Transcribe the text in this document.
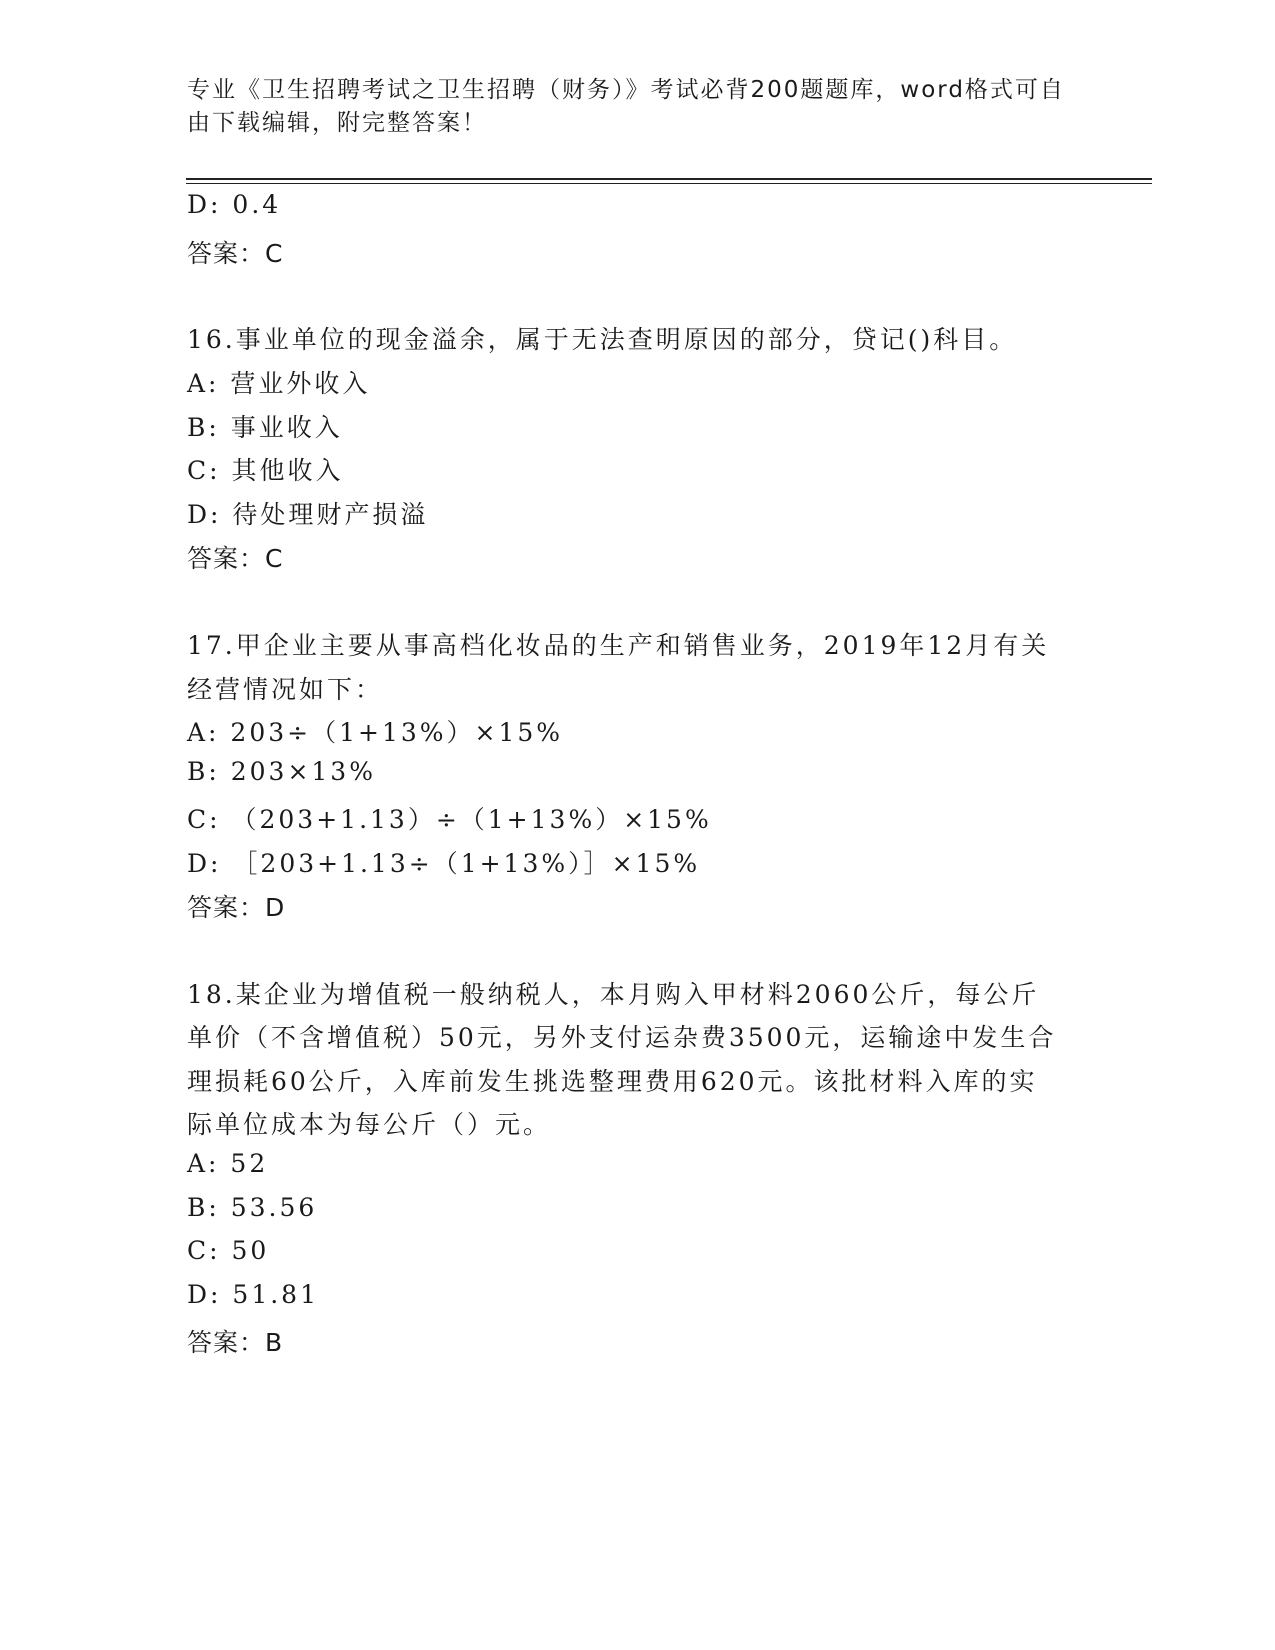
专业《卫生招聘考试之卫生招聘（财务）》考试必背200题题库，word格式可自
由下载编辑，附完整答案！
D: 0.4
答案：C
16.事业单位的现金溢余，属于无法查明原因的部分，贷记()科目。
A: 营业外收入
B: 事业收入
C: 其他收入
D: 待处理财产损溢
答案：C
17.甲企业主要从事高档化妆品的生产和销售业务，2019年12月有关
经营情况如下：
A: 203÷（1+13%）×15%
B: 203×13%
C: （203+1.13）÷（1+13%）×15%
D: ［203+1.13÷（1+13%）］×15%
答案：D
18.某企业为增值税一般纳税人，本月购入甲材料2060公斤，每公斤
单价（不含增值税）50元，另外支付运杂费3500元，运输途中发生合
理损耗60公斤，入库前发生挑选整理费用620元。该批材料入库的实
际单位成本为每公斤（）元。
A: 52
B: 53.56
C: 50
D: 51.81
答案：B
